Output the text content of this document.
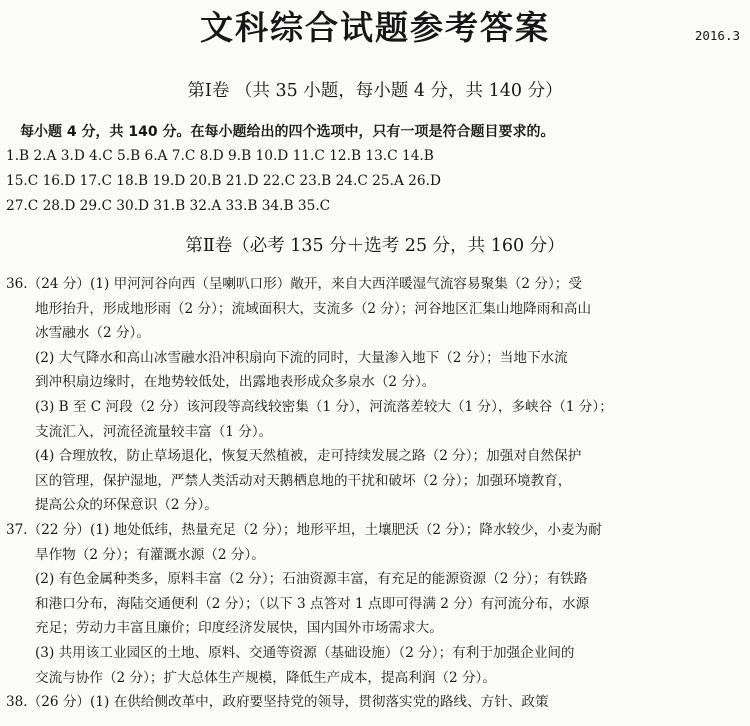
文科综合试题参考答案	2016.3
第Ⅰ卷 （共 35 小题，每小题 4 分，共 140 分）
每小题 4 分，共 140 分。在每小题给出的四个选项中，只有一项是符合题目要求的。
1.B 2.A 3.D 4.C 5.B 6.A 7.C 8.D 9.B 10.D 11.C 12.B 13.C 14.B
15.C 16.D 17.C 18.B 19.D 20.B 21.D 22.C 23.B 24.C 25.A 26.D
27.C 28.D 29.C 30.D 31.B 32.A 33.B 34.B 35.C
第Ⅱ卷（必考 135 分＋选考 25 分，共 160 分）
36.（24 分）(1) 甲河河谷向西（呈喇叭口形）敞开，来自大西洋暖湿气流容易聚集（2 分）；受
地形抬升，形成地形雨（2 分）；流域面积大，支流多（2 分）；河谷地区汇集山地降雨和高山
冰雪融水（2 分）。
(2) 大气降水和高山冰雪融水沿冲积扇向下流的同时，大量渗入地下（2 分）；当地下水流
到冲积扇边缘时，在地势较低处，出露地表形成众多泉水（2 分）。
(3) B 至 C 河段（2 分）该河段等高线较密集（1 分），河流落差较大（1 分），多峡谷（1 分）；
支流汇入，河流径流量较丰富（1 分）。
(4) 合理放牧，防止草场退化，恢复天然植被，走可持续发展之路（2 分）；加强对自然保护
区的管理，保护湿地，严禁人类活动对天鹅栖息地的干扰和破坏（2 分）；加强环境教育，
提高公众的环保意识（2 分）。
37.（22 分）(1) 地处低纬，热量充足（2 分）；地形平坦，土壤肥沃（2 分）；降水较少，小麦为耐
旱作物（2 分）；有灌溉水源（2 分）。
(2) 有色金属种类多，原料丰富（2 分）；石油资源丰富，有充足的能源资源（2 分）；有铁路
和港口分布，海陆交通便利（2 分）；（以下 3 点答对 1 点即可得满 2 分）有河流分布，水源
充足；劳动力丰富且廉价；印度经济发展快，国内国外市场需求大。
(3) 共用该工业园区的土地、原料、交通等资源（基础设施）（2 分）；有利于加强企业间的
交流与协作（2 分）；扩大总体生产规模，降低生产成本，提高利润（2 分）。
38.（26 分）(1) 在供给侧改革中，政府要坚持党的领导，贯彻落实党的路线、方针、政策
